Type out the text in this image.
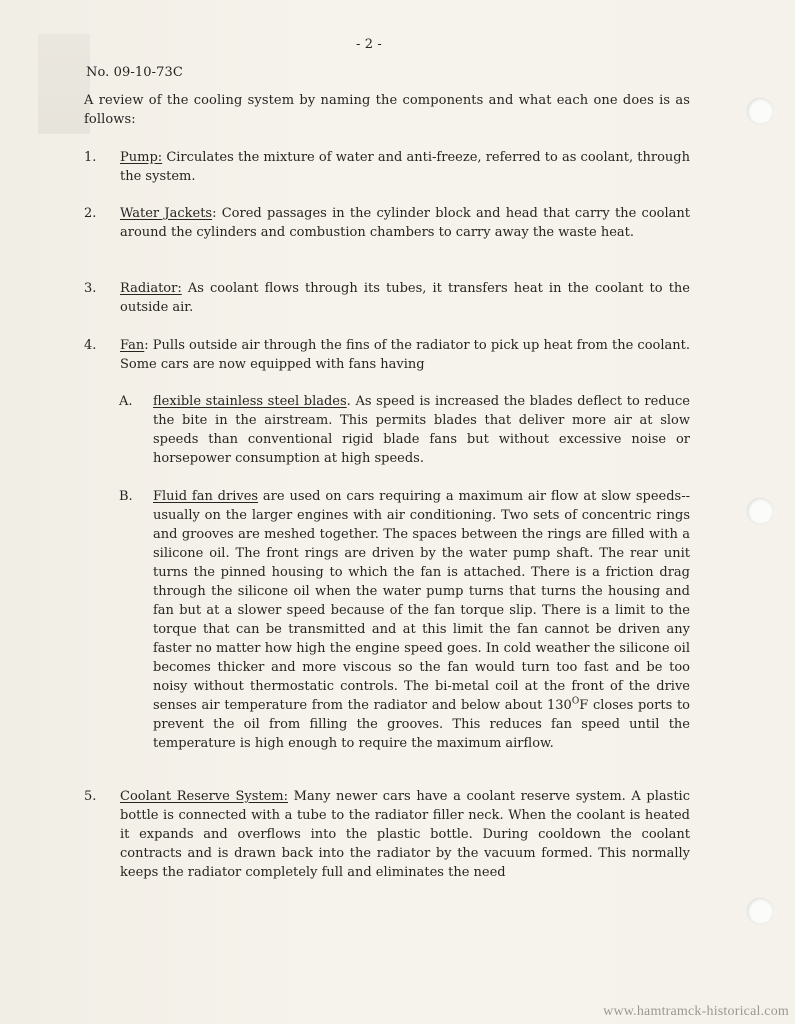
- 2 -
No. 09-10-73C
A review of the cooling system by naming the components and what each one does is as follows:
1. Pump: Circulates the mixture of water and anti-freeze, referred to as coolant, through the system.
2. Water Jackets: Cored passages in the cylinder block and head that carry the coolant around the cylinders and combustion chambers to carry away the waste heat.
3. Radiator: As coolant flows through its tubes, it transfers heat in the coolant to the outside air.
4. Fan: Pulls outside air through the fins of the radiator to pick up heat from the coolant. Some cars are now equipped with fans having
A. flexible stainless steel blades. As speed is increased the blades deflect to reduce the bite in the airstream. This permits blades that deliver more air at slow speeds than conventional rigid blade fans but without excessive noise or horsepower consumption at high speeds.
B. Fluid fan drives are used on cars requiring a maximum air flow at slow speeds--usually on the larger engines with air conditioning. Two sets of concentric rings and grooves are meshed together. The spaces between the rings are filled with a silicone oil. The front rings are driven by the water pump shaft. The rear unit turns the pinned housing to which the fan is attached. There is a friction drag through the silicone oil when the water pump turns that turns the housing and fan but at a slower speed because of the fan torque slip. There is a limit to the torque that can be transmitted and at this limit the fan cannot be driven any faster no matter how high the engine speed goes. In cold weather the silicone oil becomes thicker and more viscous so the fan would turn too fast and be too noisy without thermostatic controls. The bi-metal coil at the front of the drive senses air temperature from the radiator and below about $130^OF$ closes ports to prevent the oil from filling the grooves. This reduces fan speed until the temperature is high enough to require the maximum airflow.
5. Coolant Reserve System: Many newer cars have a coolant reserve system. A plastic bottle is connected with a tube to the radiator filler neck. When the coolant is heated it expands and overflows into the plastic bottle. During cooldown the coolant contracts and is drawn back into the radiator by the vacuum formed. This normally keeps the radiator completely full and eliminates the need
www.hamtramck-historical.com
